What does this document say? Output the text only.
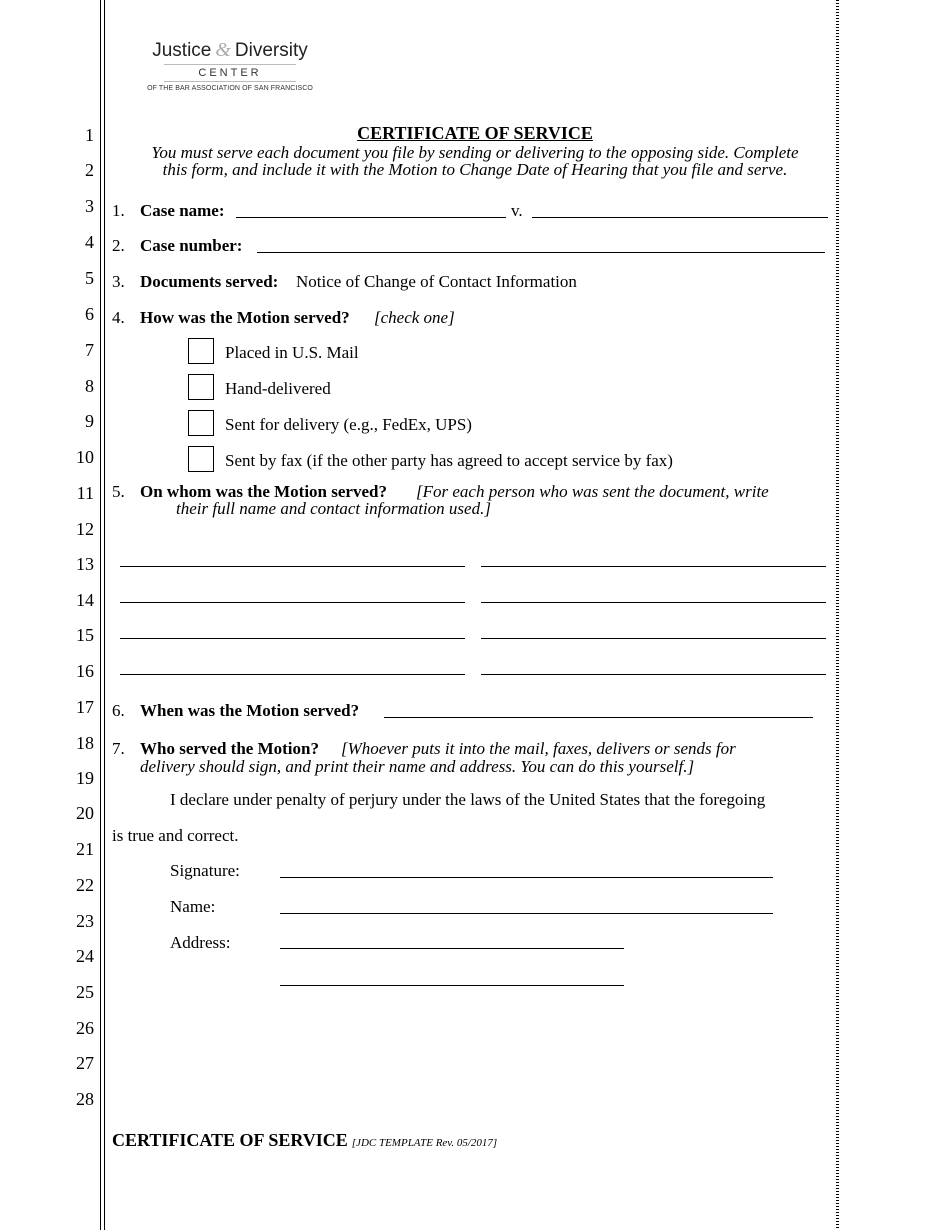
Justice & Diversity
CENTER
OF THE BAR ASSOCIATION OF SAN FRANCISCO
1
2
3
4
5
6
7
8
9
10
11
12
13
14
15
16
17
18
19
20
21
22
23
24
25
26
27
28
CERTIFICATE OF SERVICE
You must serve each document you file by sending or delivering to the opposing side. Complete
this form, and include it with the Motion to Change Date of Hearing that you file and serve.
1. Case name:	v.
2. Case number:
3. Documents served: Notice of Change of Contact Information
4. How was the Motion served? [check one]
Placed in U.S. Mail
Hand-delivered
Sent for delivery (e.g., FedEx, UPS)
Sent by fax (if the other party has agreed to accept service by fax)
5. On whom was the Motion served? [For each person who was sent the document, write
their full name and contact information used.]
6. When was the Motion served?
7. Who served the Motion? [Whoever puts it into the mail, faxes, delivers or sends for
delivery should sign, and print their name and address. You can do this yourself.]
I declare under penalty of perjury under the laws of the United States that the foregoing
is true and correct.
Signature:
Name:
Address:
CERTIFICATE OF SERVICE [JDC TEMPLATE Rev. 05/2017]
